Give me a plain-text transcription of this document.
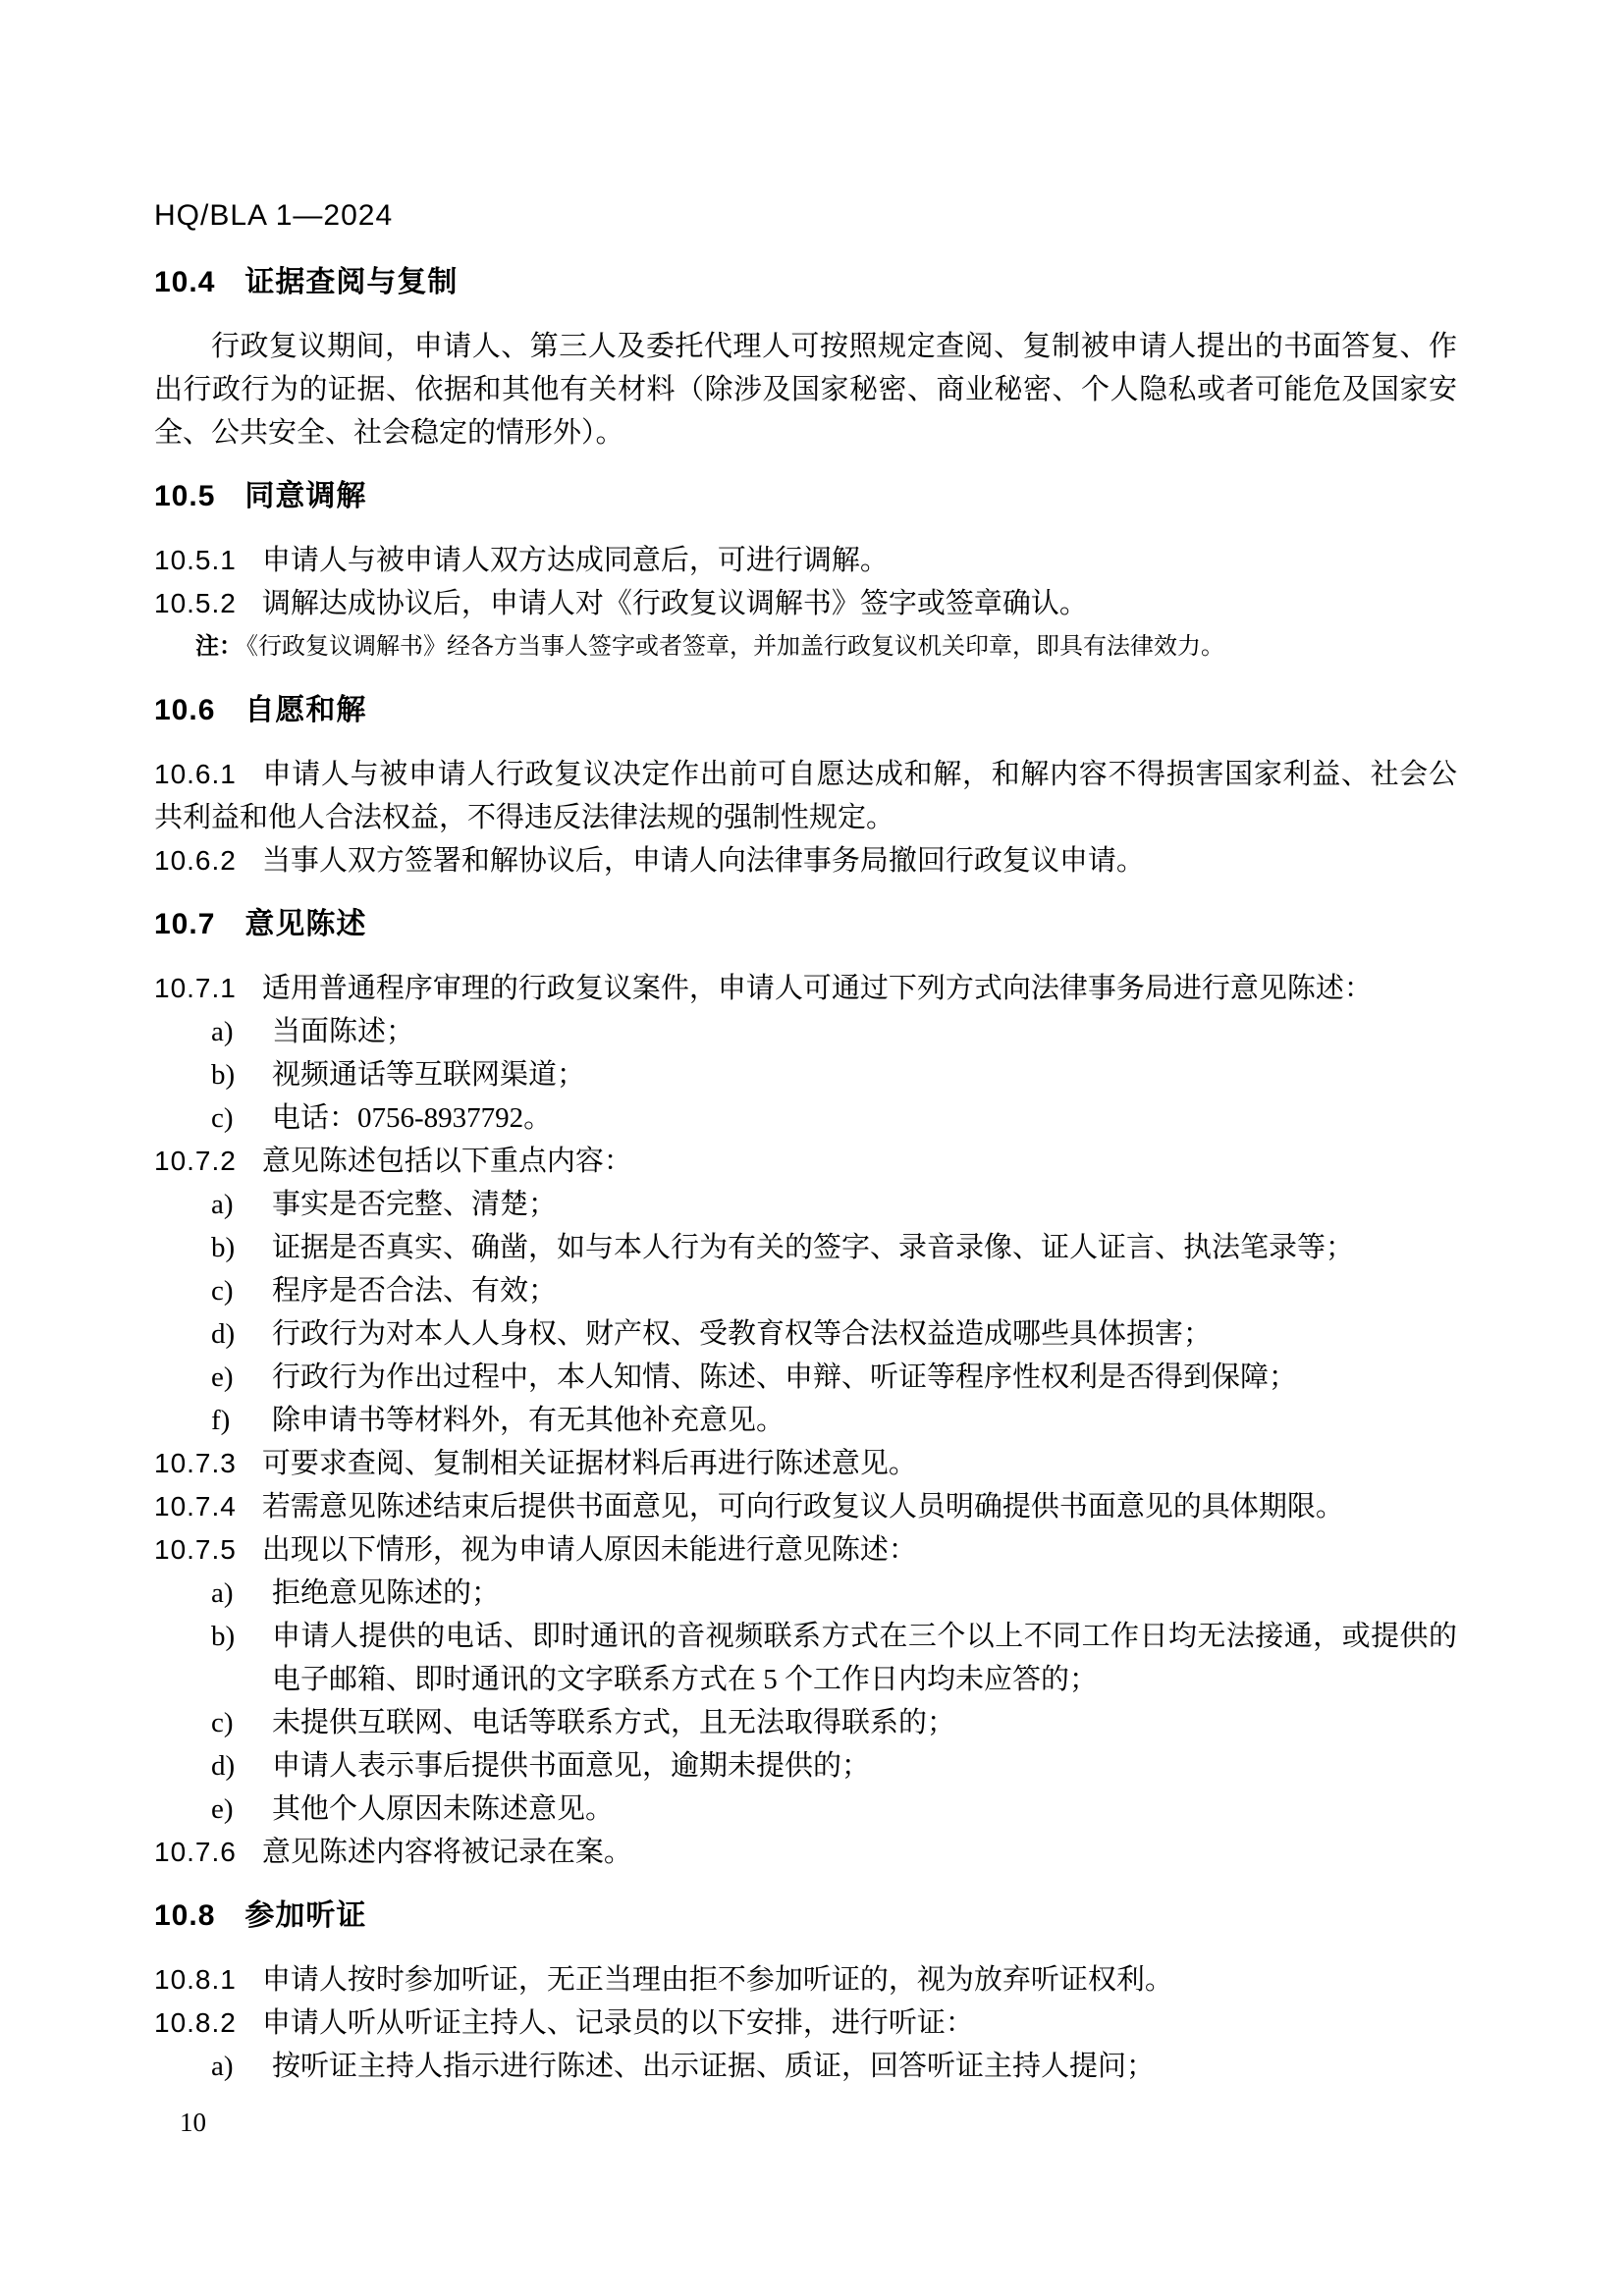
HQ/BLA 1—2024

10.4 证据查阅与复制

行政复议期间，申请人、第三人及委托代理人可按照规定查阅、复制被申请人提出的书面答复、作出行政行为的证据、依据和其他有关材料（除涉及国家秘密、商业秘密、个人隐私或者可能危及国家安全、公共安全、社会稳定的情形外）。

10.5 同意调解

10.5.1 申请人与被申请人双方达成同意后，可进行调解。

10.5.2 调解达成协议后，申请人对《行政复议调解书》签字或签章确认。

注： 《行政复议调解书》经各方当事人签字或者签章，并加盖行政复议机关印章，即具有法律效力。

10.6 自愿和解

10.6.1 申请人与被申请人行政复议决定作出前可自愿达成和解，和解内容不得损害国家利益、社会公共利益和他人合法权益，不得违反法律法规的强制性规定。

10.6.2 当事人双方签署和解协议后，申请人向法律事务局撤回行政复议申请。

10.7 意见陈述

10.7.1 适用普通程序审理的行政复议案件，申请人可通过下列方式向法律事务局进行意见陈述：

a)	当面陈述；
b)	视频通话等互联网渠道；
c)	电话：0756-8937792。

10.7.2 意见陈述包括以下重点内容：

a)	事实是否完整、清楚；
b)	证据是否真实、确凿，如与本人行为有关的签字、录音录像、证人证言、执法笔录等；
c)	程序是否合法、有效；
d)	行政行为对本人人身权、财产权、受教育权等合法权益造成哪些具体损害；
e)	行政行为作出过程中，本人知情、陈述、申辩、听证等程序性权利是否得到保障；
f)	除申请书等材料外，有无其他补充意见。

10.7.3 可要求查阅、复制相关证据材料后再进行陈述意见。

10.7.4 若需意见陈述结束后提供书面意见，可向行政复议人员明确提供书面意见的具体期限。

10.7.5 出现以下情形，视为申请人原因未能进行意见陈述：

a)	拒绝意见陈述的；
b)	申请人提供的电话、即时通讯的音视频联系方式在三个以上不同工作日均无法接通，或提供的电子邮箱、即时通讯的文字联系方式在 5 个工作日内均未应答的；
c)	未提供互联网、电话等联系方式，且无法取得联系的；
d)	申请人表示事后提供书面意见，逾期未提供的；
e)	其他个人原因未陈述意见。

10.7.6 意见陈述内容将被记录在案。

10.8 参加听证

10.8.1 申请人按时参加听证，无正当理由拒不参加听证的，视为放弃听证权利。

10.8.2 申请人听从听证主持人、记录员的以下安排，进行听证：

a)	按听证主持人指示进行陈述、出示证据、质证，回答听证主持人提问；
10
